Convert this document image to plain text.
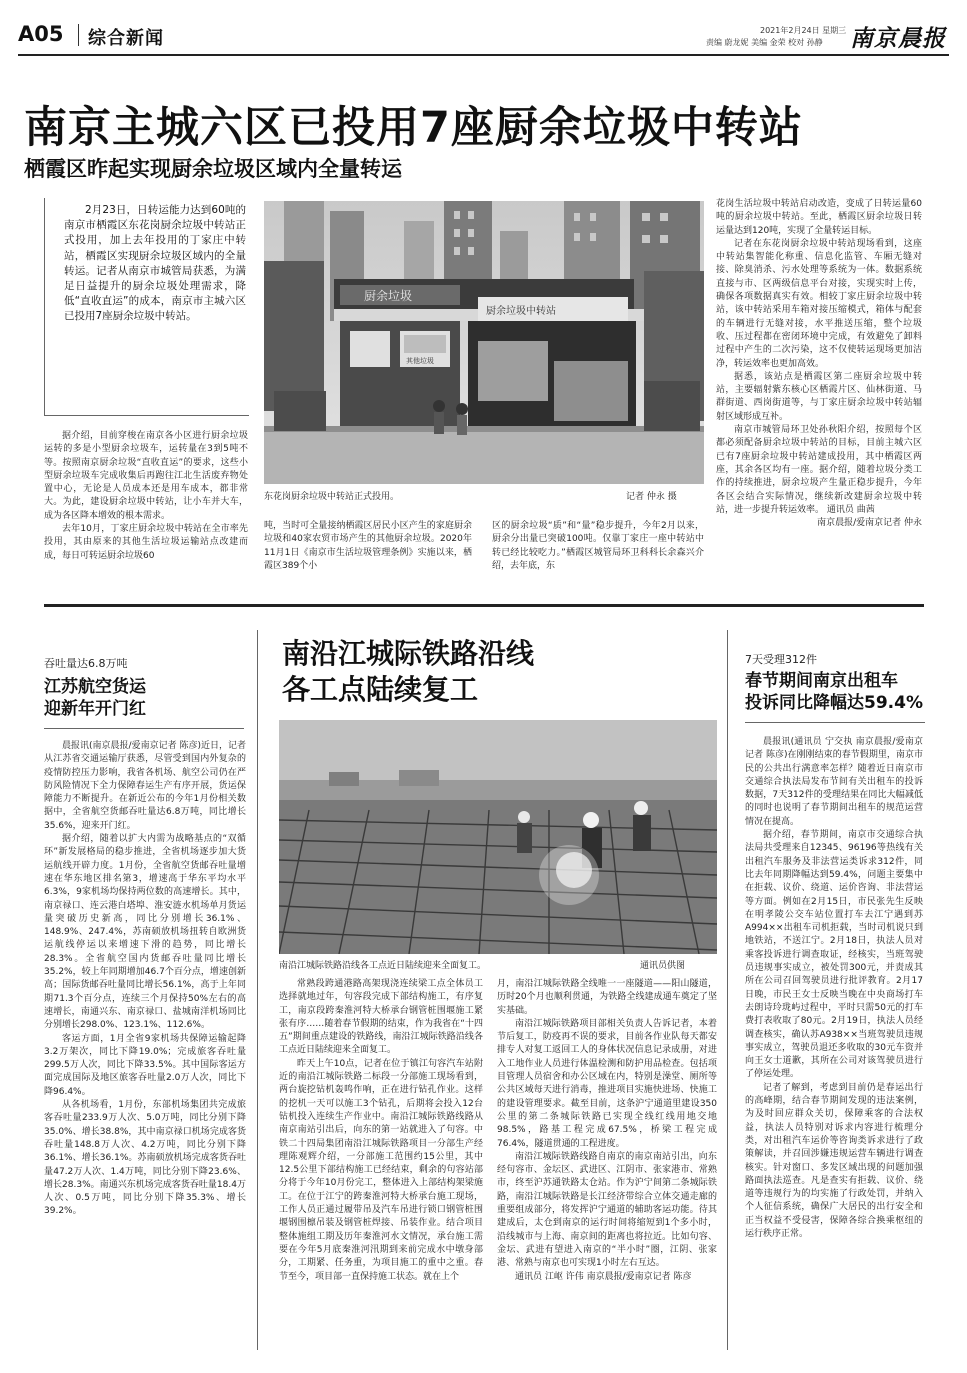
A05 综合新闻	2021年2月24日 星期三
责编 蔚龙妮 美编 金荣 校对 孙静 南京晨报
南京主城六区已投用7座厨余垃圾中转站
栖霞区昨起实现厨余垃圾区域内全量转运

2月23日，日转运能力达到60吨的南京市栖霞区东花岗厨余垃圾中转站正式投用，加上去年投用的丁家庄中转站，栖霞区实现厨余垃圾区域内的全量转运。记者从南京市城管局获悉，为满足日益提升的厨余垃圾处理需求，降低“直收直运”的成本，南京市主城六区已投用7座厨余垃圾中转站。

据介绍，目前穿梭在南京各小区进行厨余垃圾运转的多是小型厨余垃圾车，运转量在3到5吨不等。按照南京厨余垃圾“直收直运”的要求，这些小型厨余垃圾车完成收集后再跑往江北生活废弃物处置中心，无论是人员成本还是用车成本，都非常大。为此，建设厨余垃圾中转站，让小车并大车，成为各区降本增效的根本需求。

去年10月，丁家庄厨余垃圾中转站在全市率先投用，其由原来的其他生活垃圾运输站点改建而成，每日可转运厨余垃圾60

厨余垃圾
厨余垃圾中转站
其他垃圾
东花岗厨余垃圾中转站正式投用。	记者 仲永 摄

吨，当时可全量接纳栖霞区居民小区产生的家庭厨余垃圾和40家农贸市场产生的其他厨余垃圾。2020年11月1日《南京市生活垃圾管理条例》实施以来，栖霞区389个小

区的厨余垃圾“质”和“量”稳步提升，今年2月以来，厨余分出量已突破100吨。仅靠丁家庄一座中转站中转已经比较吃力。”栖霞区城管局环卫科科长余森兴介绍，去年底，东

花岗生活垃圾中转站启动改造，变成了日转运量60吨的厨余垃圾中转站。至此，栖霞区厨余垃圾日转运量达到120吨，实现了全量转运目标。

记者在东花岗厨余垃圾中转站现场看到，这座中转站集智能化称重、信息化监管、车厢无缝对接、除臭消杀、污水处理等系统为一体。数据系统直接与市、区两级信息平台对接，实现实时上传，确保各项数据真实有效。相较丁家庄厨余垃圾中转站，该中转站采用车箱对接压缩模式，箱体与配套的车辆进行无缝对接，水平推送压缩，整个垃圾收、压过程都在密闭环境中完成，有效避免了卸料过程中产生的二次污染，这不仅使转运现场更加洁净，转运效率也更加高效。

据悉，该站点是栖霞区第二座厨余垃圾中转站，主要辐射紫东核心区栖霞片区、仙林街道、马群街道、西岗街道等，与丁家庄厨余垃圾中转站辐射区域形成互补。

南京市城管局环卫处孙秋阳介绍，按照每个区都必须配备厨余垃圾中转站的目标，目前主城六区已有7座厨余垃圾中转站建成投用，其中栖霞区两座，其余各区均有一座。据介绍，随着垃圾分类工作的持续推进，厨余垃圾产生量正稳步提升，今年各区会结合实际情况，继续新改建厨余垃圾中转站，进一步提升转运效率。 通讯员 曲茜

南京晨报/爱南京记者 仲永

吞吐量达6.8万吨
江苏航空货运
迎新年开门红

晨报讯(南京晨报/爱南京记者 陈彦)近日，记者从江苏省交通运输厅获悉，尽管受到国内外复杂的疫情防控压力影响，我省各机场、航空公司仍在严防风险情况下全力保障春运生产有序开展，货运保障能力不断提升。在新近公布的今年1月份相关数据中，全省航空货邮吞吐量达6.8万吨，同比增长35.6%，迎来开门红。

据介绍，随着以扩大内需为战略基点的“双循环”新发展格局的稳步推进，全省机场逐步加大货运航线开辟力度。1月份，全省航空货邮吞吐量增速在华东地区排名第3，增速高于华东平均水平6.3%，9家机场均保持两位数的高速增长。其中，南京禄口、连云港白塔埠、淮安涟水机场单月货运量突破历史新高，同比分别增长36.1%、148.9%、247.4%，苏南硕放机场扭转自欧洲货运航线停运以来增速下滑的趋势，同比增长28.3%。全省航空国内货邮吞吐量同比增长35.2%，较上年同期增加46.7个百分点，增速创新高；国际货邮吞吐量同比增长56.1%，高于上年同期71.3个百分点，连续三个月保持50%左右的高速增长，南通兴东、南京禄口、盐城南洋机场同比分别增长298.0%、123.1%、112.6%。

客运方面，1月全省9家机场共保障运输起降3.2万架次，同比下降19.0%；完成旅客吞吐量299.5万人次，同比下降33.5%。其中国际客运方面完成国际及地区旅客吞吐量2.0万人次，同比下降96.4%。

从各机场看，1月份，东部机场集团共完成旅客吞吐量233.9万人次、5.0万吨，同比分别下降35.0%、增长38.8%，其中南京禄口机场完成客货吞吐量148.8万人次、4.2万吨，同比分别下降36.1%、增长36.1%。苏南硕放机场完成客货吞吐量47.2万人次、1.4万吨，同比分别下降23.6%、增长28.3%。南通兴东机场完成客货吞吐量18.4万人次、0.5万吨，同比分别下降35.3%、增长39.2%。

南沿江城际铁路沿线
各工点陆续复工
南沿江城际铁路沿线各工点近日陆续迎来全面复工。	通讯员供图

常熟段跨通港路高架现浇连续梁工点全体员工选择就地过年，句容段完成下部结构施工，有序复工，南京段跨秦淮河特大桥承台钢管桩围堰施工紧张有序……随着春节假期的结束，作为我省在“十四五”期间重点建设的铁路线，南沿江城际铁路沿线各工点近日陆续迎来全面复工。

昨天上午10点，记者在位于镇江句容汽车站附近的南沿江城际铁路二标段一分部施工现场看到，两台旋挖钻机轰鸣作响，正在进行钻孔作业。这样的挖机一天可以施工3个钻孔，后期将会投入12台钻机投入连续生产作业中。南沿江城际铁路线路从南京南站引出后，向东的第一站就进入了句容。中铁二十四局集团南沿江城际铁路项目一分部生产经理陈观辉介绍，一分部施工范围约15公里，其中12.5公里下部结构施工已经结束，剩余的句容站部分将于今年10月份完工，整体进入上部结构架梁施工。在位于江宁的跨秦淮河特大桥承台施工现场，工作人员正通过履带吊及汽车吊进行锁口钢管桩围堰钢围檩吊装及钢管桩焊接、吊装作业。结合项目整体施组工期及历年秦淮河水文情况，承台施工需要在今年5月底秦淮河汛期到来前完成水中墩身部分，工期紧、任务重，为项目施工的重中之重。春节至今，项目部一直保持施工状态。就在上个

月，南沿江城际铁路全线唯一一座隧道——阳山隧道，历时20个月也顺利贯通，为铁路全线建成通车奠定了坚实基础。

南沿江城际铁路项目部相关负责人告诉记者，本着节后复工，防疫再不误的要求，目前各作业队每天都安排专人对复工返回工人的身体状况信息记录成册，对进入工地作业人员进行体温检测和防护用品检查。包括项目管理人员宿舍和办公区域在内，特别是澡堂、厕所等公共区域每天进行消毒，推进项目实施快进场、快施工的建设管理要求。截至目前，这条沪宁通道里建设350公里的第二条城际铁路已实现全线红线用地交地98.5%，路基工程完成67.5%，桥梁工程完成76.4%，隧道贯通的工程进度。

南沿江城际铁路线路自南京的南京南站引出，向东经句容市、金坛区、武进区、江阴市、张家港市、常熟市，终至沪苏通铁路太仓站。作为沪宁间第二条城际铁路，南沿江城际铁路是长江经济带综合立体交通走廊的重要组成部分，将发挥沪宁通道的辅助客运功能。待其建成后，太仓到南京的运行时间将缩短到1个多小时，沿线城市与上海、南京间的距离也将拉近。比如句容、金坛、武进有望进入南京的“半小时”圈，江阴、张家港、常熟与南京也可实现1小时左右互达。

通讯员 江岖 许伟 南京晨报/爱南京记者 陈彦

7天受理312件
春节期间南京出租车
投诉同比降幅达59.4%

晨报讯(通讯员 宁交执 南京晨报/爱南京记者 陈彦)在刚刚结束的春节假期里，南京市民的公共出行满意率怎样？随着近日南京市交通综合执法局发布节间有关出租车的投诉数据，7天312件的受理结果在同比大幅减低的同时也说明了春节期间出租车的规范运营情况在提高。

据介绍，春节期间，南京市交通综合执法局共受理来自12345、96196等热线有关出租汽车服务及非法营运类诉求312件，同比去年同期降幅达到59.4%，问题主要集中在拒载、议价、绕道、运价咨询、非法营运等方面。例如在2月15日，市民张先生反映在明孝陵公交车站位置打车去江宁遇到苏A994××出租车司机拒载，当时司机说只到地铁站，不送江宁。2月18日，执法人员对乘客投诉进行调查取证，经核实，当班驾驶员违规事实成立，被处罚300元，并责成其所在公司召回驾驶员进行批评教育。2月17日晚，市民王女士反映当晚在中央商场打车去朗诗玲珑屿过程中，平时只需50元的打车费打表收取了80元。2月19日，执法人员经调查核实，确认苏A938××当班驾驶员违规事实成立，驾驶员退还多收取的30元车资并向王女士道歉，其所在公司对该驾驶员进行了停运处理。

记者了解到，考虑到目前仍是春运出行的高峰期，结合春节期间发现的违法案例，为及时回应群众关切，保障乘客的合法权益，执法人员特别对诉求内容进行梳理分类，对出租汽车运价等咨询类诉求进行了政策解读，并召回涉嫌违规运营车辆进行调查核实。针对窗口、多发区域出现的问题加强路面执法巡查。凡是查实有拒载、议价、绕道等违规行为的均实施了行政处罚，并纳入个人征信系统，确保广大居民的出行安全和正当权益不受侵害，保障各综合换乘枢纽的运行秩序正常。
